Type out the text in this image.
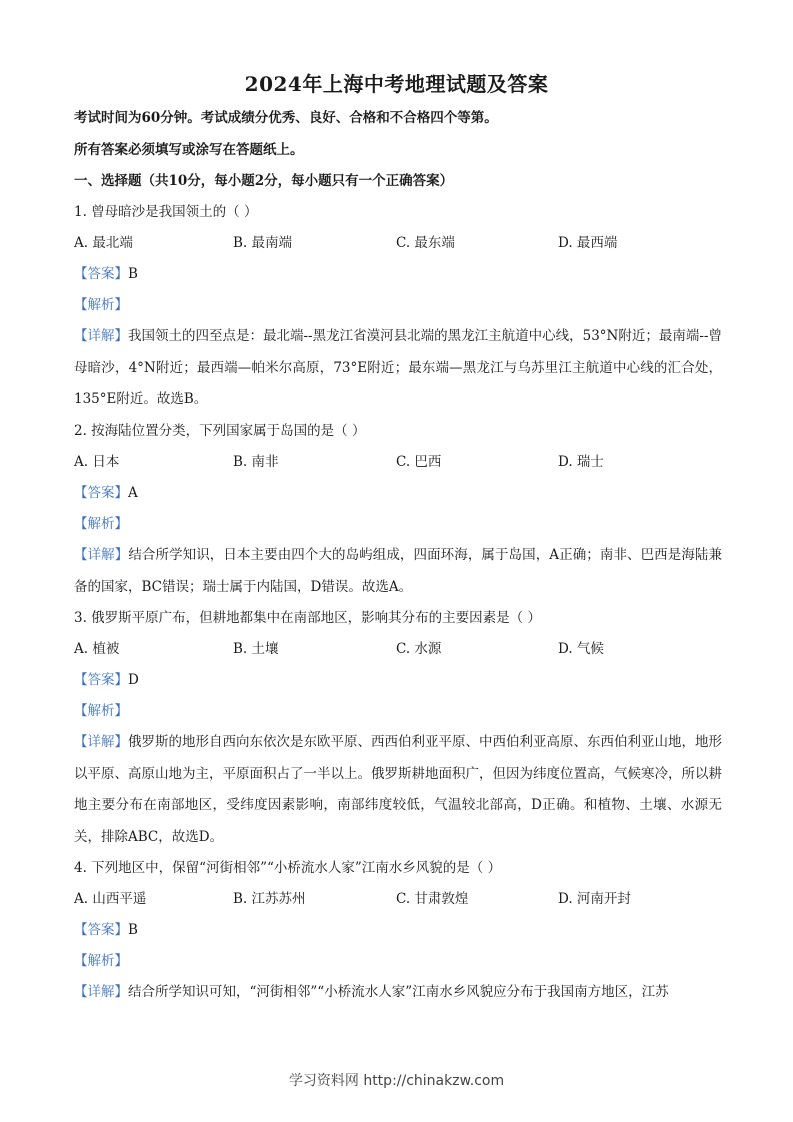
2024年上海中考地理试题及答案
考试时间为60分钟。考试成绩分优秀、良好、合格和不合格四个等第。
所有答案必须填写或涂写在答题纸上。
一、选择题（共10分，每小题2分，每小题只有一个正确答案）
1. 曾母暗沙是我国领土的（ ）
A. 最北端	B. 最南端	C. 最东端	D. 最西端
【答案】B
【解析】
【详解】我国领土的四至点是：最北端--黑龙江省漠河县北端的黑龙江主航道中心线，53°N附近；最南端--曾母暗沙，4°N附近；最西端—帕米尔高原，73°E附近；最东端—黑龙江与乌苏里江主航道中心线的汇合处，135°E附近。故选B。
2. 按海陆位置分类，下列国家属于岛国的是（ ）
A. 日本	B. 南非	C. 巴西	D. 瑞士
【答案】A
【解析】
【详解】结合所学知识，日本主要由四个大的岛屿组成，四面环海，属于岛国，A正确；南非、巴西是海陆兼备的国家，BC错误；瑞士属于内陆国，D错误。故选A。
3. 俄罗斯平原广布，但耕地都集中在南部地区，影响其分布的主要因素是（ ）
A. 植被	B. 土壤	C. 水源	D. 气候
【答案】D
【解析】
【详解】俄罗斯的地形自西向东依次是东欧平原、西西伯利亚平原、中西伯利亚高原、东西伯利亚山地，地形以平原、高原山地为主，平原面积占了一半以上。俄罗斯耕地面积广，但因为纬度位置高，气候寒冷，所以耕地主要分布在南部地区，受纬度因素影响，南部纬度较低，气温较北部高，D正确。和植物、土壤、水源无关，排除ABC，故选D。
4. 下列地区中，保留“河街相邻”“小桥流水人家”江南水乡风貌的是（ ）
A. 山西平遥	B. 江苏苏州	C. 甘肃敦煌	D. 河南开封
【答案】B
【解析】
【详解】结合所学知识可知，“河街相邻”“小桥流水人家”江南水乡风貌应分布于我国南方地区，江苏
学习资料网 http://chinakzw.com
